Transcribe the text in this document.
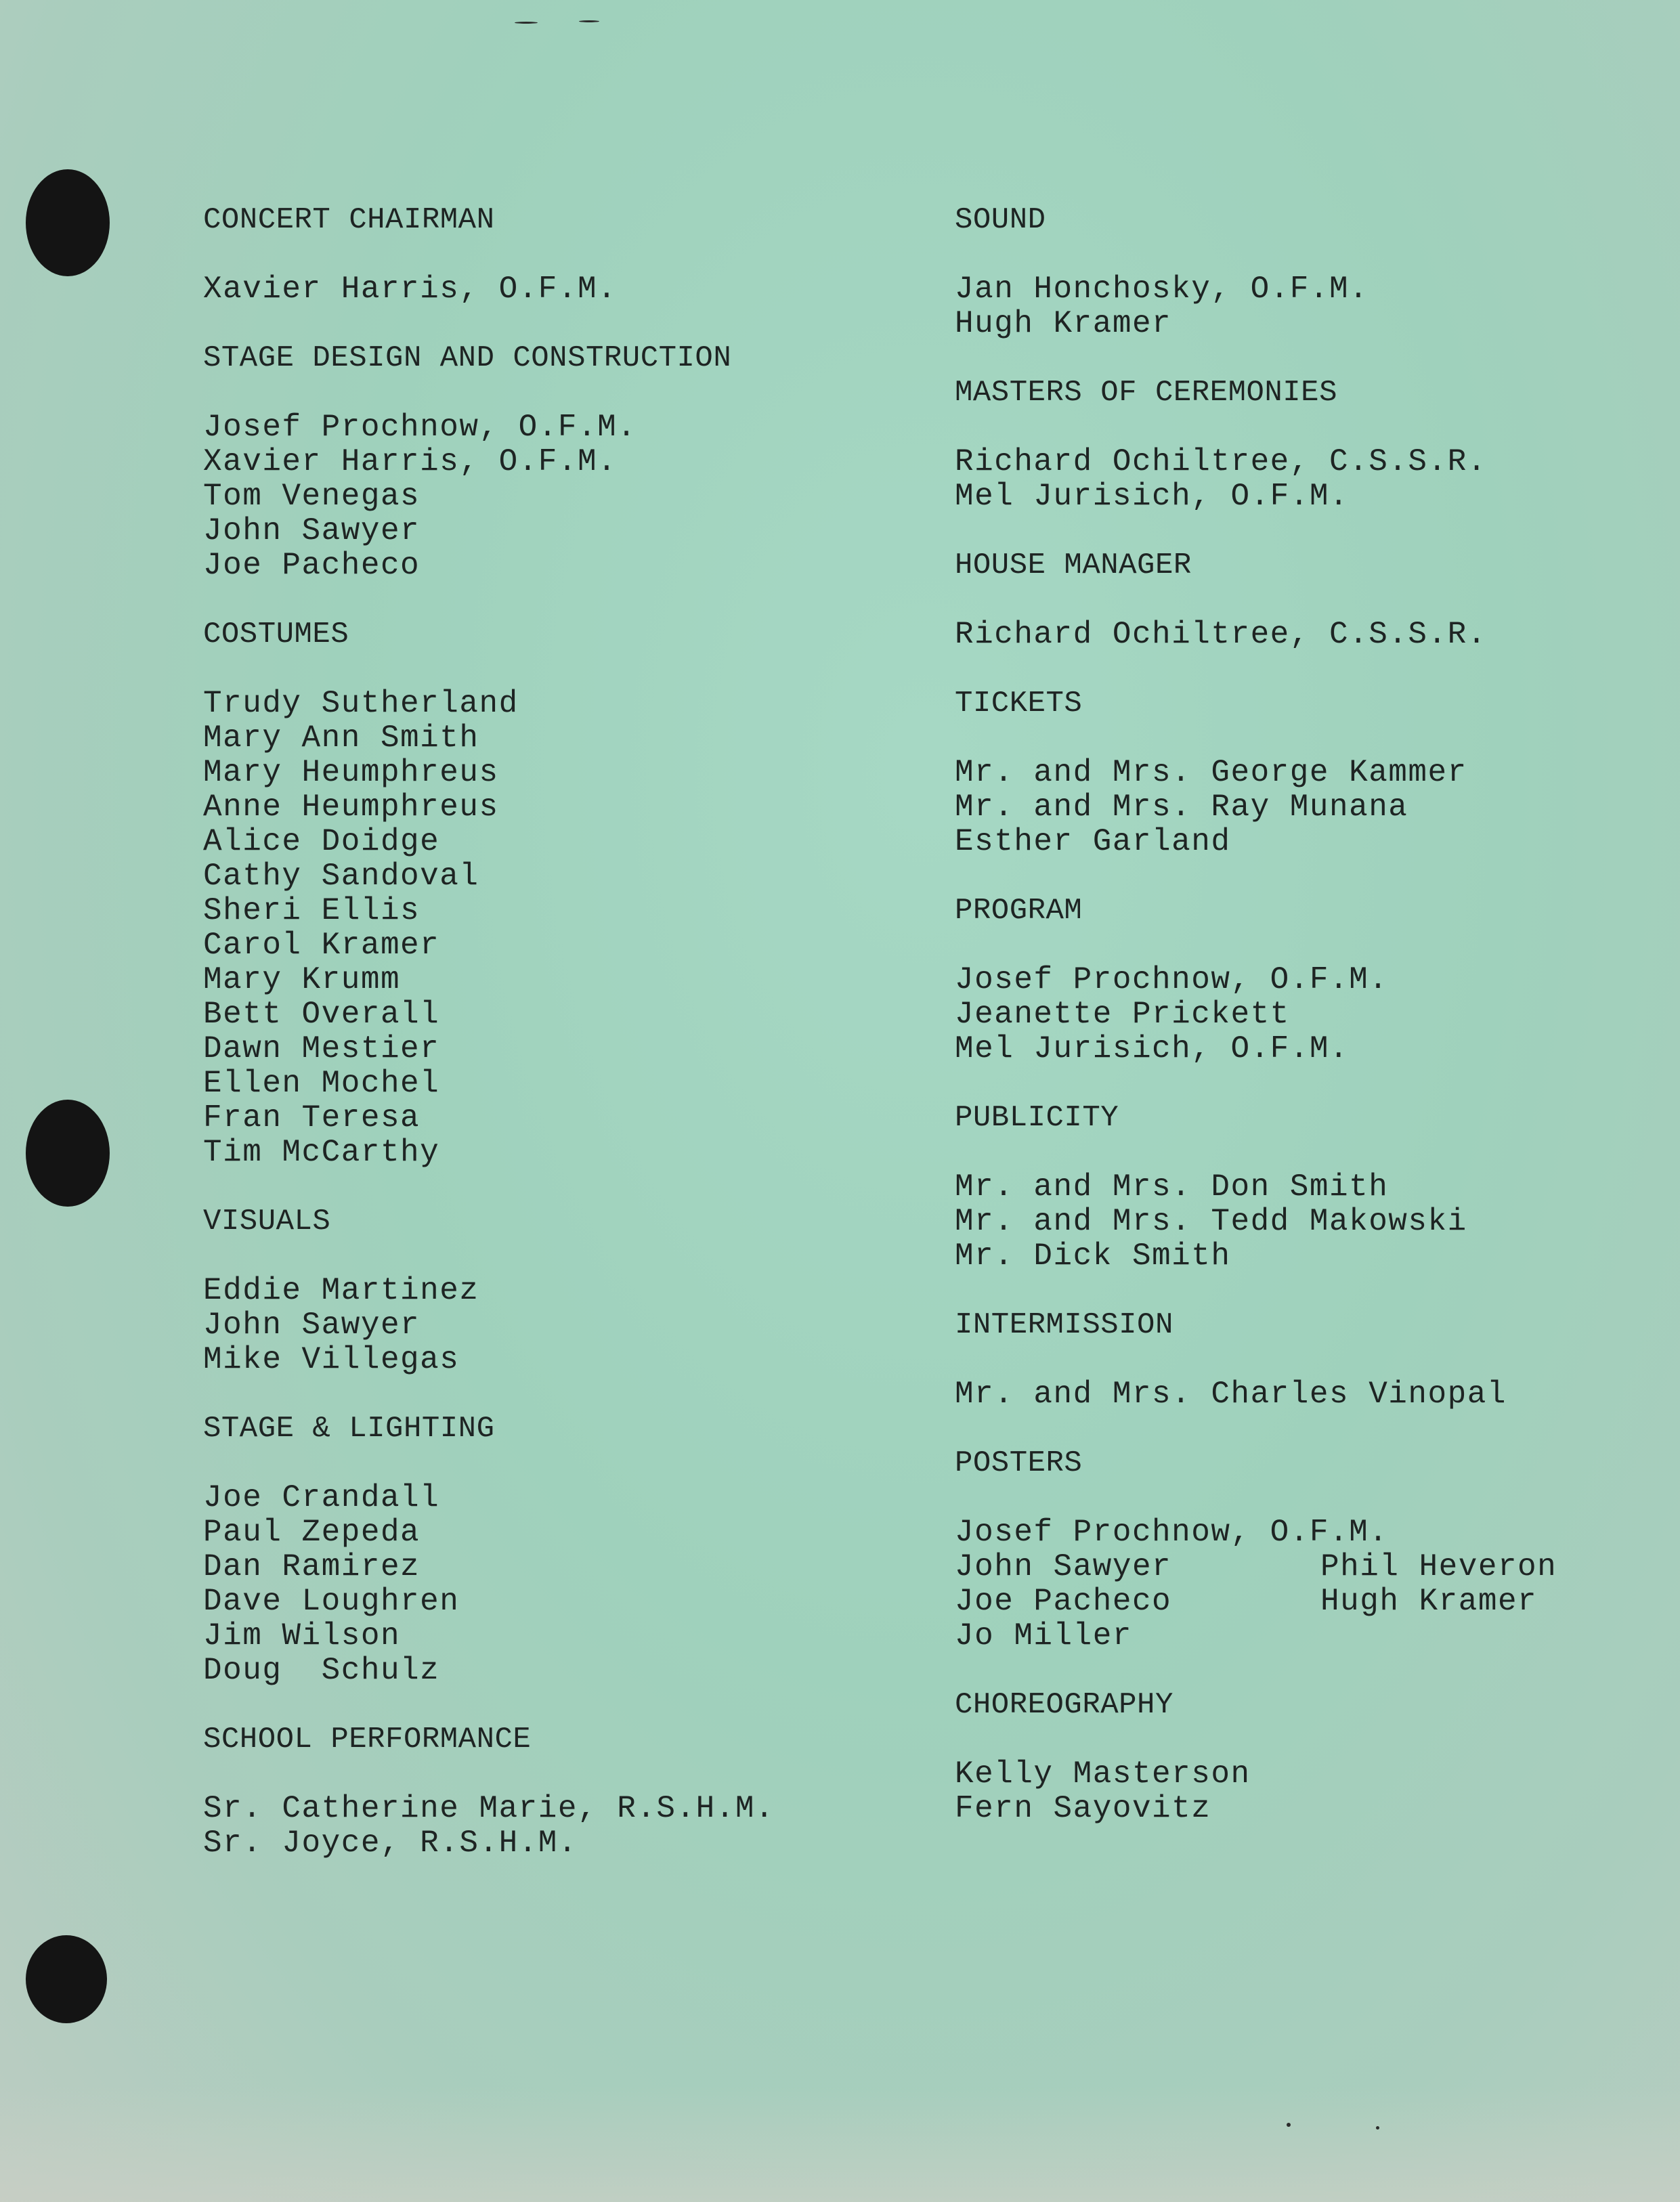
CONCERT CHAIRMAN
Xavier Harris, O.F.M.
STAGE DESIGN AND CONSTRUCTION
Josef Prochnow, O.F.M.
Xavier Harris, O.F.M.
Tom Venegas
John Sawyer
Joe Pacheco
COSTUMES
Trudy Sutherland
Mary Ann Smith
Mary Heumphreus
Anne Heumphreus
Alice Doidge
Cathy Sandoval
Sheri Ellis
Carol Kramer
Mary Krumm
Bett Overall
Dawn Mestier
Ellen Mochel
Fran Teresa
Tim McCarthy
VISUALS
Eddie Martinez
John Sawyer
Mike Villegas
STAGE & LIGHTING
Joe Crandall
Paul Zepeda
Dan Ramirez
Dave Loughren
Jim Wilson
Doug  Schulz
SCHOOL PERFORMANCE
Sr. Catherine Marie, R.S.H.M.
Sr. Joyce, R.S.H.M.
SOUND
Jan Honchosky, O.F.M.
Hugh Kramer
MASTERS OF CEREMONIES
Richard Ochiltree, C.S.S.R.
Mel Jurisich, O.F.M.
HOUSE MANAGER
Richard Ochiltree, C.S.S.R.
TICKETS
Mr. and Mrs. George Kammer
Mr. and Mrs. Ray Munana
Esther Garland
PROGRAM
Josef Prochnow, O.F.M.
Jeanette Prickett
Mel Jurisich, O.F.M.
PUBLICITY
Mr. and Mrs. Don Smith
Mr. and Mrs. Tedd Makowski
Mr. Dick Smith
INTERMISSION
Mr. and Mrs. Charles Vinopal
POSTERS
Josef Prochnow, O.F.M.
John Sawyer
Joe Pacheco
Jo Miller
Phil Heveron
Hugh Kramer
CHOREOGRAPHY
Kelly Masterson
Fern Sayovitz
